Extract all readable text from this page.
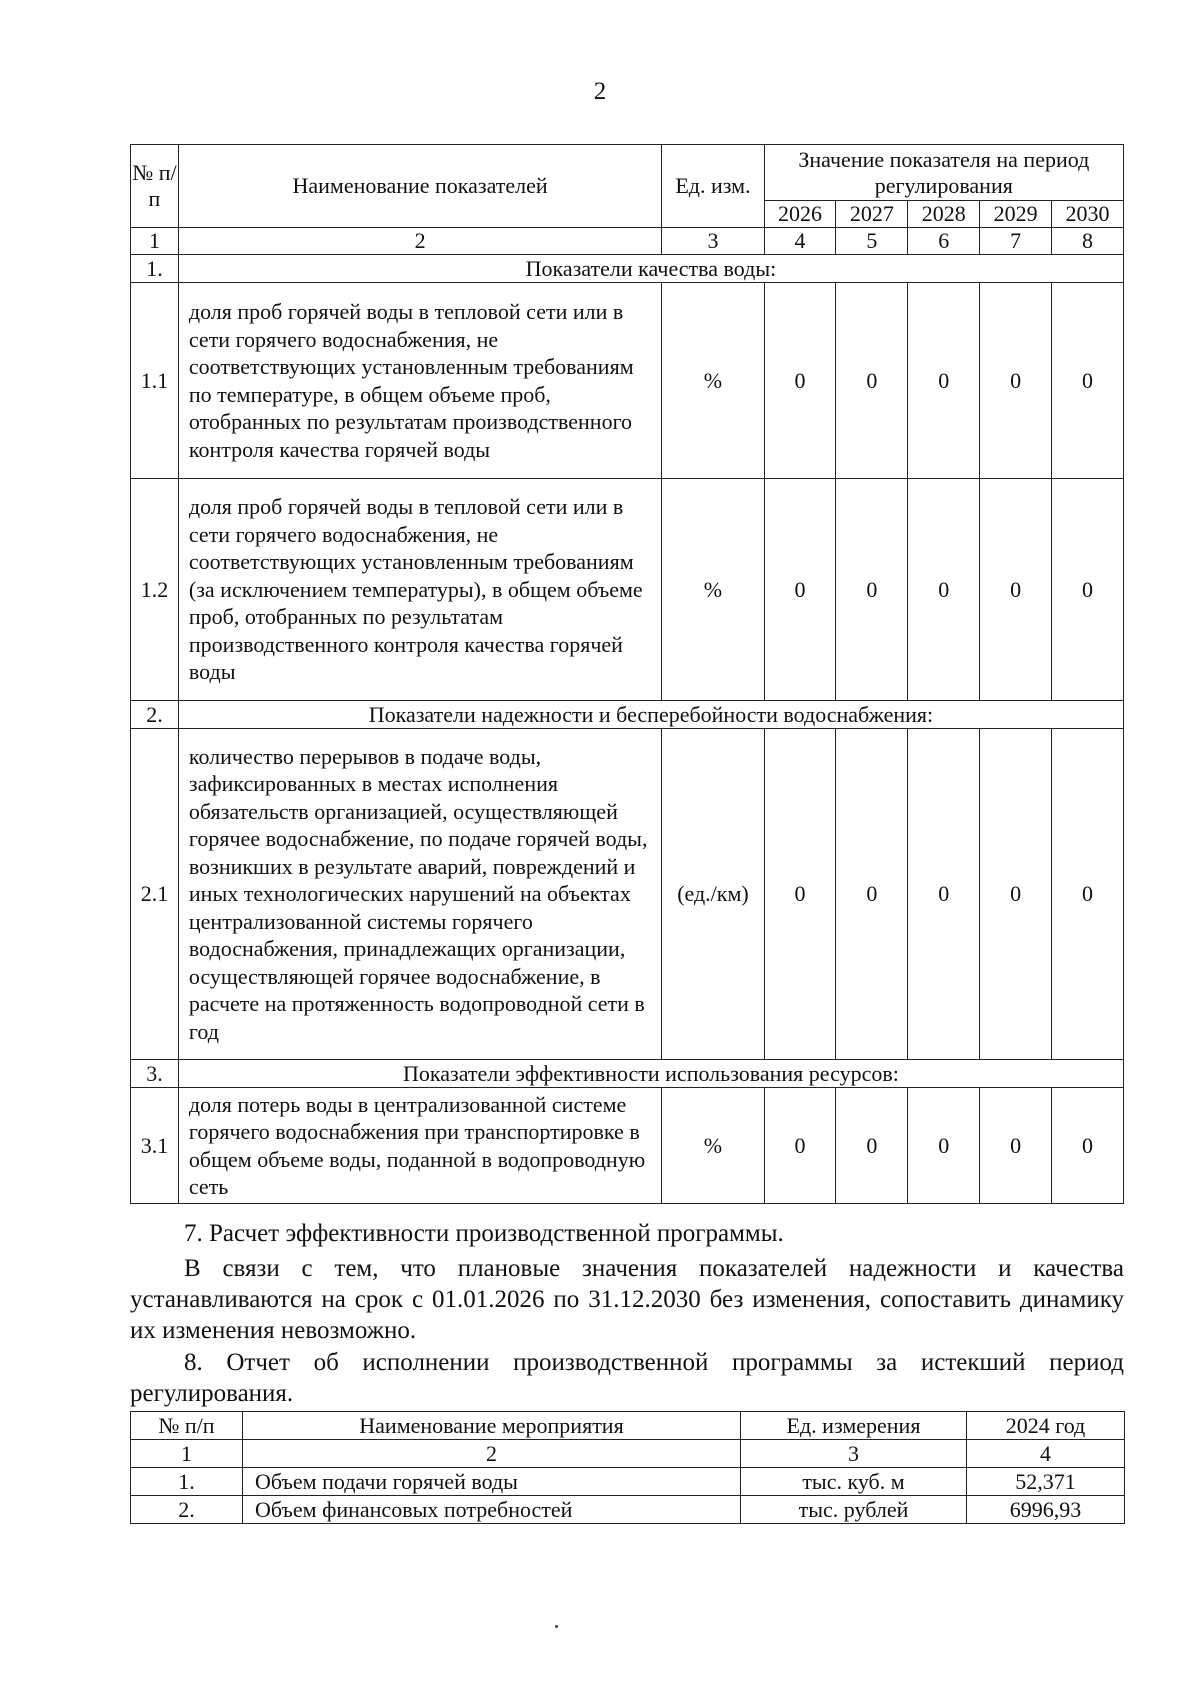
2
№ п/п	Наименование показателей	Ед. изм.	Значение показателя на период регулирования				
			2026	2027	2028	2029	2030
1	2	3	4	5	6	7	8
1.	Показатели качества воды:						
1.1	доля проб горячей воды в тепловой сети или в сети горячего водоснабжения, не соответствующих установленным требованиям по температуре, в общем объеме проб, отобранных по результатам производственного контроля качества горячей воды	%	0	0	0	0	0
1.2	доля проб горячей воды в тепловой сети или в сети горячего водоснабжения, не соответствующих установленным требованиям (за исключением температуры), в общем объеме проб, отобранных по результатам производственного контроля качества горячей воды	%	0	0	0	0	0
2.	Показатели надежности и бесперебойности водоснабжения:						
2.1	количество перерывов в подаче воды, зафиксированных в местах исполнения обязательств организацией, осуществляющей горячее водоснабжение, по подаче горячей воды, возникших в результате аварий, повреждений и иных технологических нарушений на объектах централизованной системы горячего водоснабжения, принадлежащих организации, осуществляющей горячее водоснабжение, в расчете на протяженность водопроводной сети в год	(ед./км)	0	0	0	0	0
3.	Показатели эффективности использования ресурсов:						
3.1	доля потерь воды в централизованной системе горячего водоснабжения при транспортировке в общем объеме воды, поданной в водопроводную сеть	%	0	0	0	0	0
7. Расчет эффективности производственной программы.
В связи с тем, что плановые значения показателей надежности и качества устанавливаются на срок с 01.01.2026 по 31.12.2030 без изменения, сопоставить динамику их изменения невозможно.
8. Отчет об исполнении производственной программы за истекший период регулирования.
№ п/п	Наименование мероприятия	Ед. измерения	2024 год
1	2	3	4
1.	Объем подачи горячей воды	тыс. куб. м	52,371
2.	Объем финансовых потребностей	тыс. рублей	6996,93
